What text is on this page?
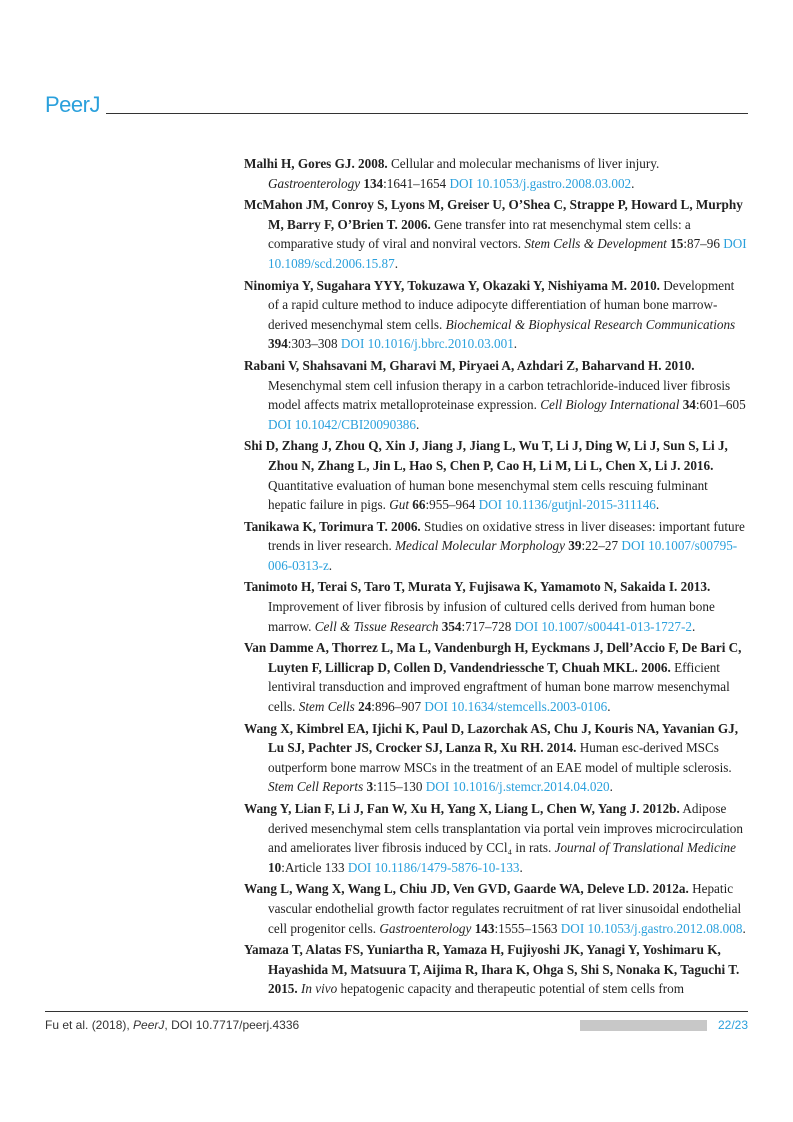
PeerJ

Malhi H, Gores GJ. 2008. Cellular and molecular mechanisms of liver injury. Gastroenterology 134:1641–1654 DOI 10.1053/j.gastro.2008.03.002.

McMahon JM, Conroy S, Lyons M, Greiser U, O’Shea C, Strappe P, Howard L, Murphy M, Barry F, O’Brien T. 2006. Gene transfer into rat mesenchymal stem cells: a comparative study of viral and nonviral vectors. Stem Cells & Development 15:87–96 DOI 10.1089/scd.2006.15.87.

Ninomiya Y, Sugahara YYY, Tokuzawa Y, Okazaki Y, Nishiyama M. 2010. Development of a rapid culture method to induce adipocyte differentiation of human bone marrow-derived mesenchymal stem cells. Biochemical & Biophysical Research Communications 394:303–308 DOI 10.1016/j.bbrc.2010.03.001.

Rabani V, Shahsavani M, Gharavi M, Piryaei A, Azhdari Z, Baharvand H. 2010. Mesenchymal stem cell infusion therapy in a carbon tetrachloride-induced liver fibrosis model affects matrix metalloproteinase expression. Cell Biology International 34:601–605 DOI 10.1042/CBI20090386.

Shi D, Zhang J, Zhou Q, Xin J, Jiang J, Jiang L, Wu T, Li J, Ding W, Li J, Sun S, Li J, Zhou N, Zhang L, Jin L, Hao S, Chen P, Cao H, Li M, Li L, Chen X, Li J. 2016. Quantitative evaluation of human bone mesenchymal stem cells rescuing fulminant hepatic failure in pigs. Gut 66:955–964 DOI 10.1136/gutjnl-2015-311146.

Tanikawa K, Torimura T. 2006. Studies on oxidative stress in liver diseases: important future trends in liver research. Medical Molecular Morphology 39:22–27 DOI 10.1007/s00795-006-0313-z.

Tanimoto H, Terai S, Taro T, Murata Y, Fujisawa K, Yamamoto N, Sakaida I. 2013. Improvement of liver fibrosis by infusion of cultured cells derived from human bone marrow. Cell & Tissue Research 354:717–728 DOI 10.1007/s00441-013-1727-2.

Van Damme A, Thorrez L, Ma L, Vandenburgh H, Eyckmans J, Dell’Accio F, De Bari C, Luyten F, Lillicrap D, Collen D, Vandendriessche T, Chuah MKL. 2006. Efficient lentiviral transduction and improved engraftment of human bone marrow mesenchymal cells. Stem Cells 24:896–907 DOI 10.1634/stemcells.2003-0106.

Wang X, Kimbrel EA, Ijichi K, Paul D, Lazorchak AS, Chu J, Kouris NA, Yavanian GJ, Lu SJ, Pachter JS, Crocker SJ, Lanza R, Xu RH. 2014. Human esc-derived MSCs outperform bone marrow MSCs in the treatment of an EAE model of multiple sclerosis. Stem Cell Reports 3:115–130 DOI 10.1016/j.stemcr.2014.04.020.

Wang Y, Lian F, Li J, Fan W, Xu H, Yang X, Liang L, Chen W, Yang J. 2012b. Adipose derived mesenchymal stem cells transplantation via portal vein improves microcirculation and ameliorates liver fibrosis induced by CCl₄ in rats. Journal of Translational Medicine 10:Article 133 DOI 10.1186/1479-5876-10-133.

Wang L, Wang X, Wang L, Chiu JD, Ven GVD, Gaarde WA, Deleve LD. 2012a. Hepatic vascular endothelial growth factor regulates recruitment of rat liver sinusoidal endothelial cell progenitor cells. Gastroenterology 143:1555–1563 DOI 10.1053/j.gastro.2012.08.008.

Yamaza T, Alatas FS, Yuniartha R, Yamaza H, Fujiyoshi JK, Yanagi Y, Yoshimaru K, Hayashida M, Matsuura T, Aijima R, Ihara K, Ohga S, Shi S, Nonaka K, Taguchi T. 2015. In vivo hepatogenic capacity and therapeutic potential of stem cells from

Fu et al. (2018), PeerJ, DOI 10.7717/peerj.4336	22/23
